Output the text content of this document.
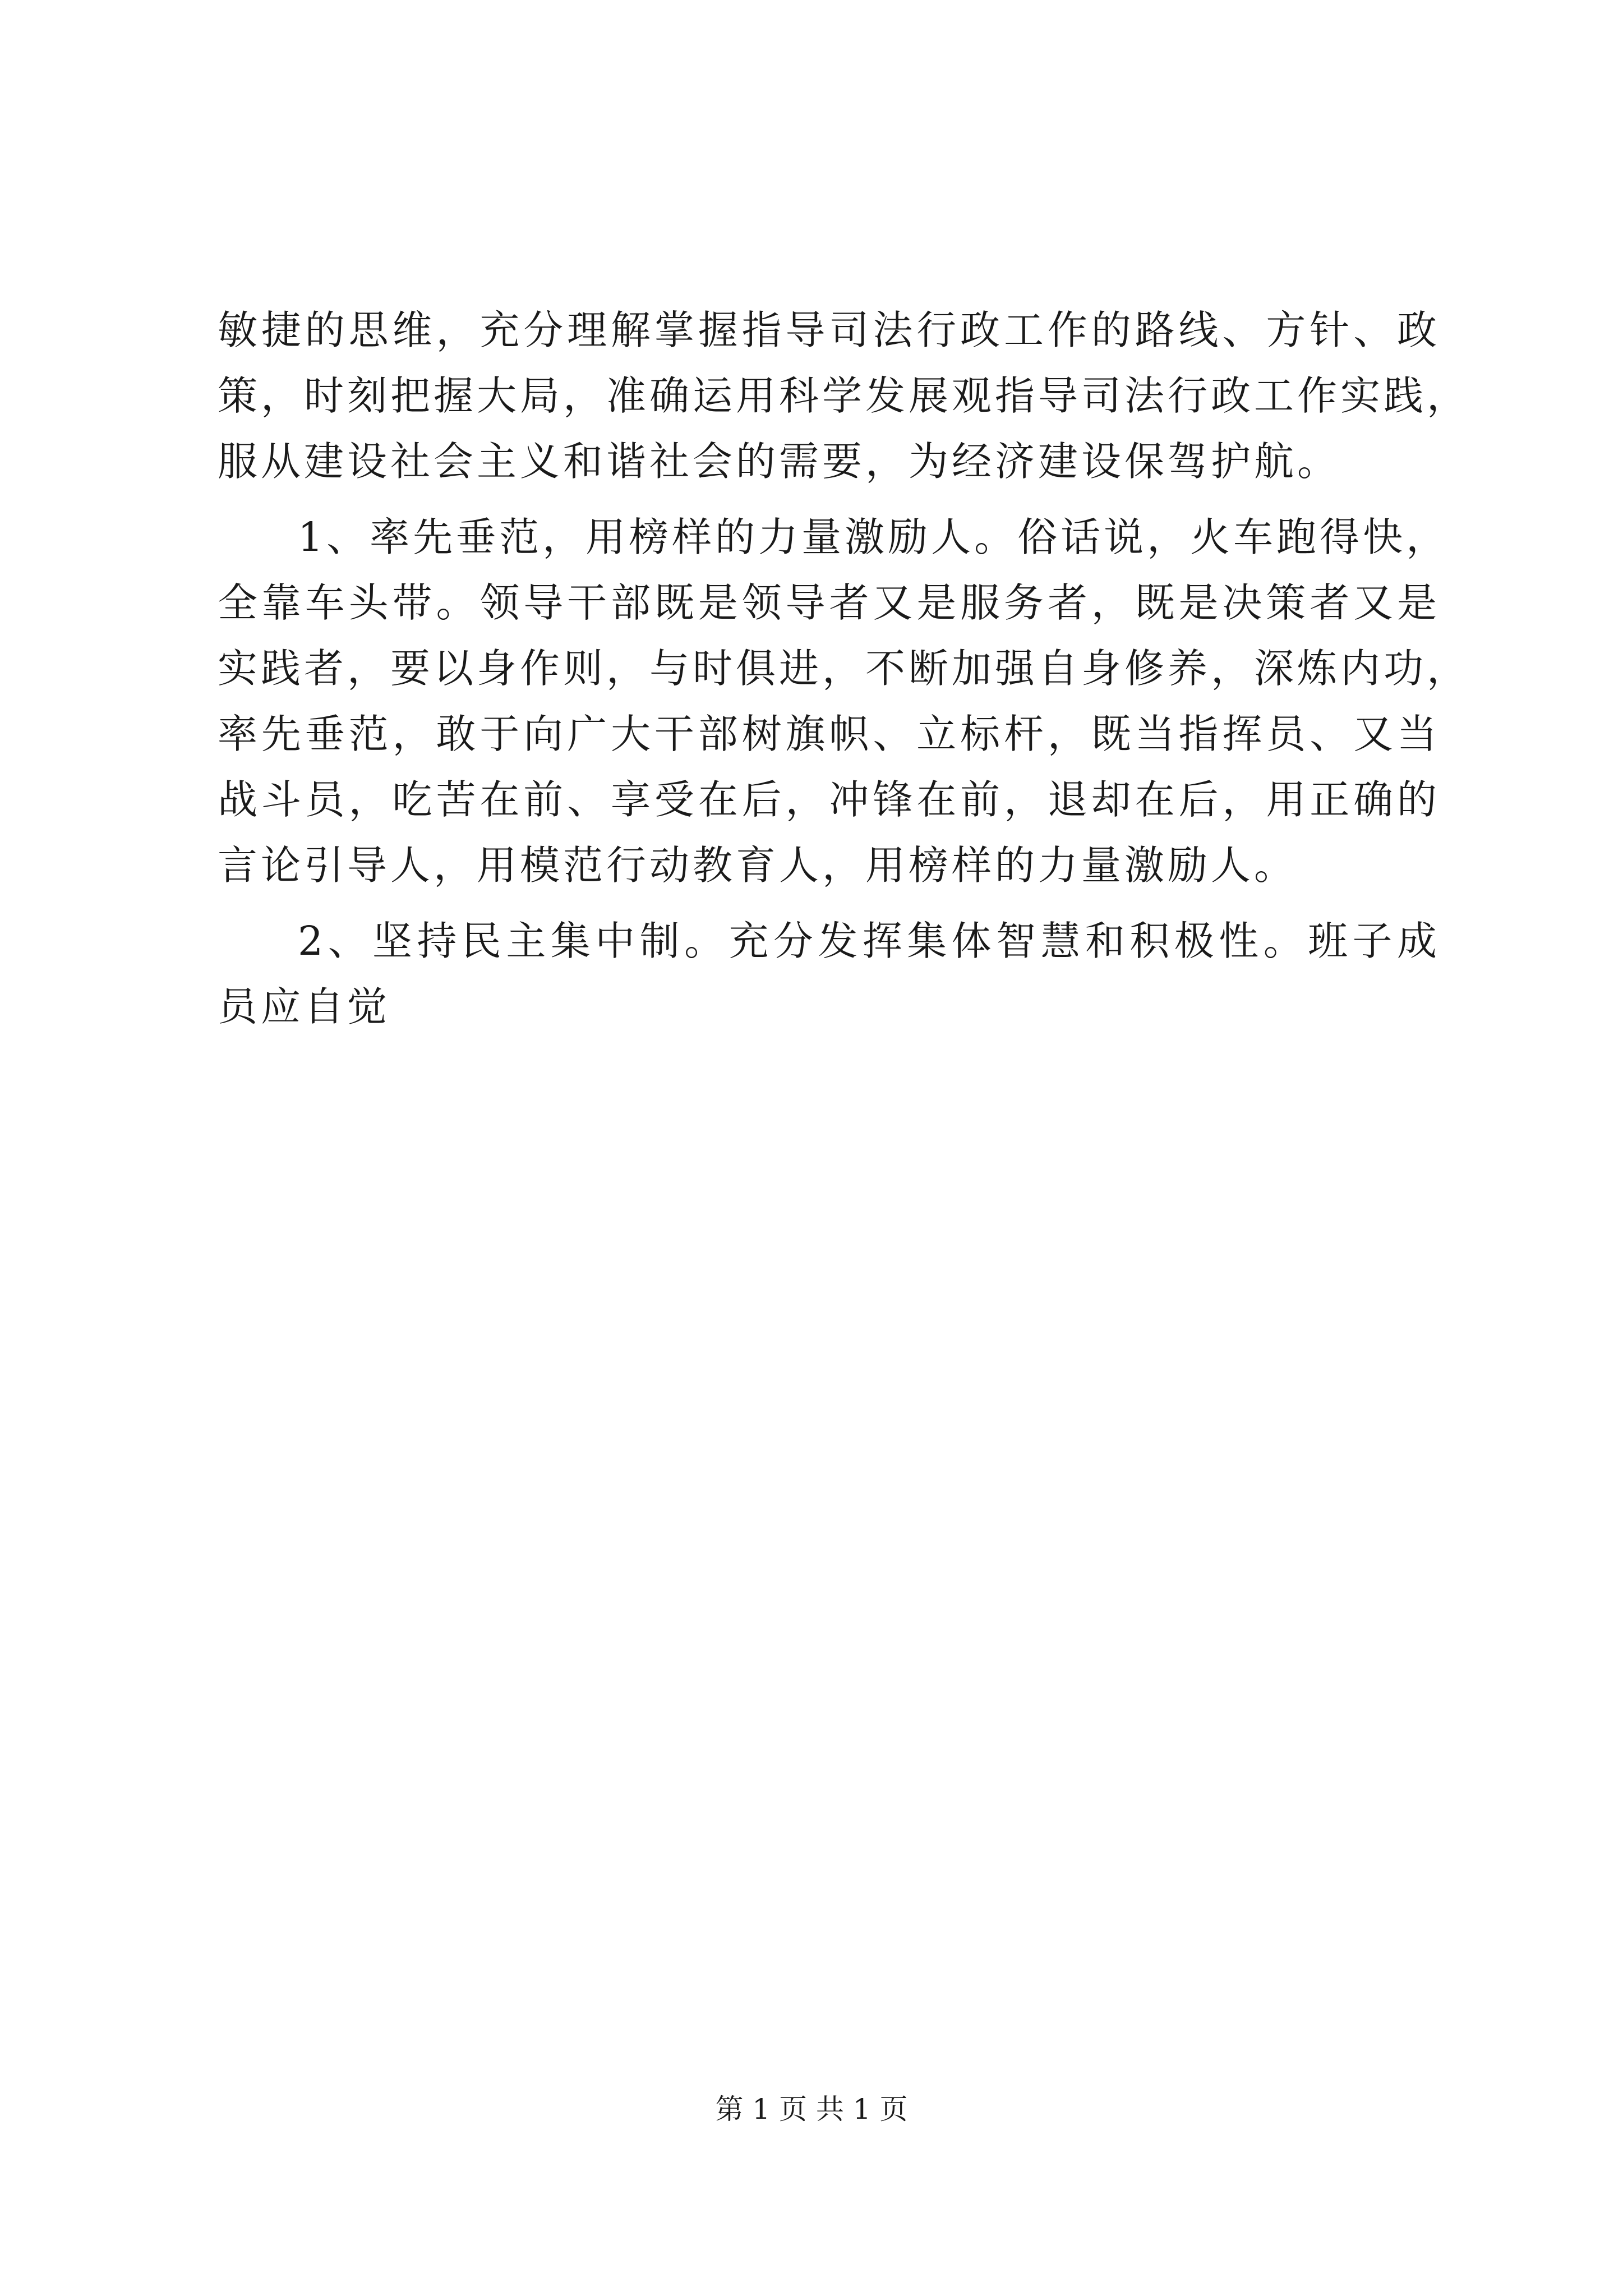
敏捷的思维，充分理解掌握指导司法行政工作的路线、方针、政
策，时刻把握大局，准确运用科学发展观指导司法行政工作实践，
服从建设社会主义和谐社会的需要，为经济建设保驾护航。
1、率先垂范，用榜样的力量激励人。俗话说，火车跑得快，
全靠车头带。领导干部既是领导者又是服务者，既是决策者又是
实践者，要以身作则，与时俱进，不断加强自身修养，深炼内功，
率先垂范，敢于向广大干部树旗帜、立标杆，既当指挥员、又当
战斗员，吃苦在前、享受在后，冲锋在前，退却在后，用正确的
言论引导人，用模范行动教育人，用榜样的力量激励人。
2、坚持民主集中制。充分发挥集体智慧和积极性。班子成
员应自觉
第 1 页 共 1 页
